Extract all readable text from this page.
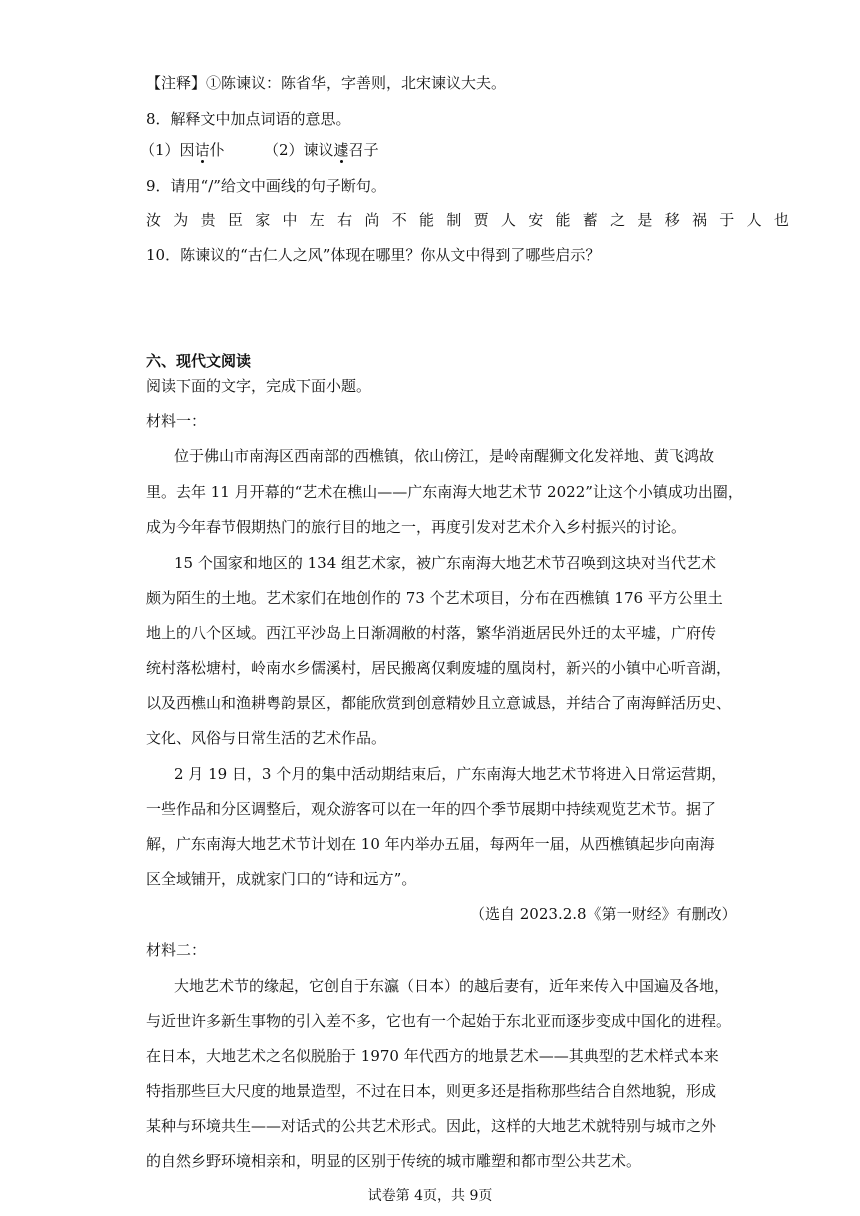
【注释】①陈谏议：陈省华，字善则，北宋谏议大夫。
8．解释文中加点词语的意思。
（1）因诘仆	（2）谏议遽召子
9．请用“/”给文中画线的句子断句。
汝为贵臣家中左右尚不能制贾人安能蓄之是移祸于人也
10．陈谏议的“古仁人之风”体现在哪里？你从文中得到了哪些启示？
六、现代文阅读
阅读下面的文字，完成下面小题。
材料一：
位于佛山市南海区西南部的西樵镇，依山傍江，是岭南醒狮文化发祥地、黄飞鸿故
里。去年 11 月开幕的“艺术在樵山——广东南海大地艺术节 2022”让这个小镇成功出圈，
成为今年春节假期热门的旅行目的地之一，再度引发对艺术介入乡村振兴的讨论。
15 个国家和地区的 134 组艺术家，被广东南海大地艺术节召唤到这块对当代艺术
颇为陌生的土地。艺术家们在地创作的 73 个艺术项目，分布在西樵镇 176 平方公里土
地上的八个区域。西江平沙岛上日渐凋敝的村落，繁华消逝居民外迁的太平墟，广府传
统村落松塘村，岭南水乡儒溪村，居民搬离仅剩废墟的凰岗村，新兴的小镇中心听音湖，
以及西樵山和渔耕粤韵景区，都能欣赏到创意精妙且立意诚恳，并结合了南海鲜活历史、
文化、风俗与日常生活的艺术作品。
2 月 19 日，3 个月的集中活动期结束后，广东南海大地艺术节将进入日常运营期，
一些作品和分区调整后，观众游客可以在一年的四个季节展期中持续观览艺术节。据了
解，广东南海大地艺术节计划在 10 年内举办五届，每两年一届，从西樵镇起步向南海
区全域铺开，成就家门口的“诗和远方”。
（选自 2023.2.8《第一财经》有删改）
材料二：
大地艺术节的缘起，它创自于东瀛（日本）的越后妻有，近年来传入中国遍及各地，
与近世许多新生事物的引入差不多，它也有一个起始于东北亚而逐步变成中国化的进程。
在日本，大地艺术之名似脱胎于 1970 年代西方的地景艺术——其典型的艺术样式本来
特指那些巨大尺度的地景造型，不过在日本，则更多还是指称那些结合自然地貌，形成
某种与环境共生——对话式的公共艺术形式。因此，这样的大地艺术就特别与城市之外
的自然乡野环境相亲和，明显的区别于传统的城市雕塑和都市型公共艺术。
试卷第 4页，共 9页
